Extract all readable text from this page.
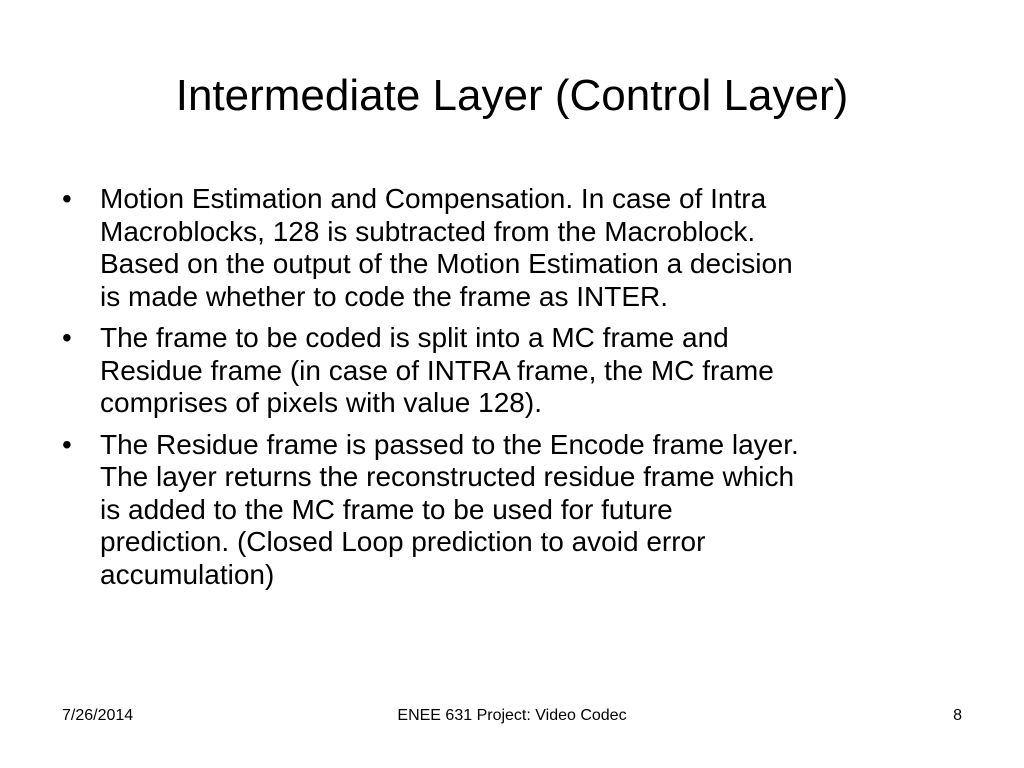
Intermediate Layer (Control Layer)
• Motion Estimation and Compensation. In case of Intra
Macroblocks, 128 is subtracted from the Macroblock.
Based on the output of the Motion Estimation a decision
is made whether to code the frame as INTER.
• The frame to be coded is split into a MC frame and
Residue frame (in case of INTRA frame, the MC frame
comprises of pixels with value 128).
• The Residue frame is passed to the Encode frame layer.
The layer returns the reconstructed residue frame which
is added to the MC frame to be used for future
prediction. (Closed Loop prediction to avoid error
accumulation)
7/26/2014	ENEE 631 Project: Video Codec	8
